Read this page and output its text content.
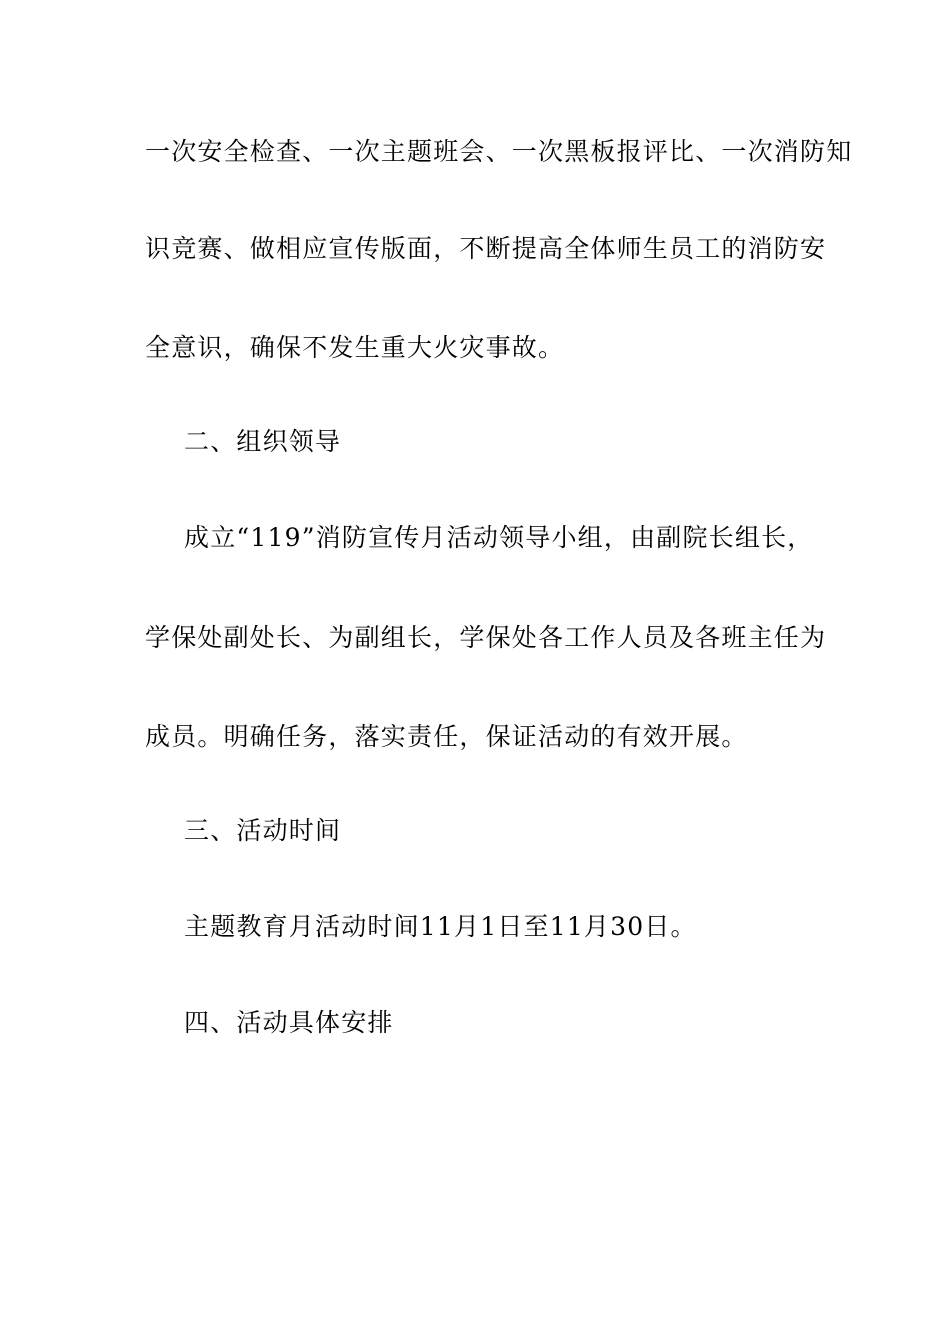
一次安全检查、一次主题班会、一次黑板报评比、一次消防知
识竞赛、做相应宣传版面，不断提高全体师生员工的消防安
全意识，确保不发生重大火灾事故。
二、组织领导
成立“119”消防宣传月活动领导小组，由副院长组长，
学保处副处长、为副组长，学保处各工作人员及各班主任为
成员。明确任务，落实责任，保证活动的有效开展。
三、活动时间
主题教育月活动时间11月1日至11月30日。
四、活动具体安排
